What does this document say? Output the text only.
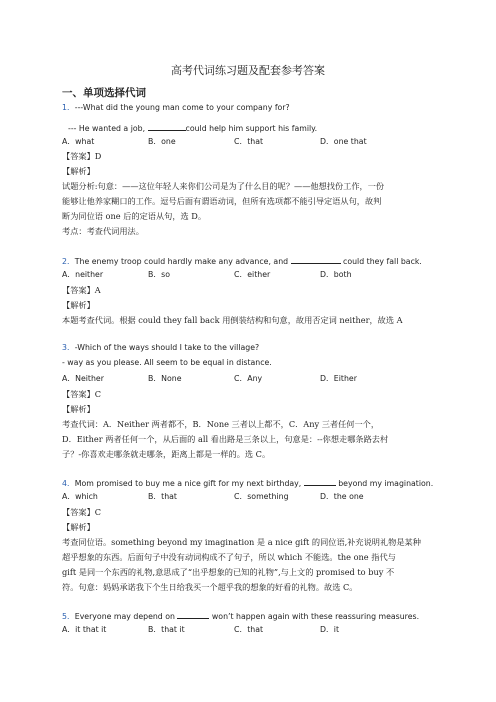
高考代词练习题及配套参考答案
一、单项选择代词
1．---What did the young man come to your company for?
--- He wanted a job,	could help him support his family.
A．what	B．one	C．that	D．one that
【答案】D
【解析】
试题分析:句意：——这位年轻人来你们公司是为了什么目的呢？——他想找份工作，一份
能够让他养家糊口的工作。逗号后面有谓语动词，但所有选项都不能引导定语从句，故判
断为同位语 one 后的定语从句，选 D。
考点：考查代词用法。
2．The enemy troop could hardly make any advance, and	could they fall back.
A．neither	B．so	C．either	D．both
【答案】A
【解析】
本题考查代词。根据 could they fall back 用倒装结构和句意，故用否定词 neither，故选 A
3．-Which of the ways should I take to the village?
- way as you please. All seem to be equal in distance.
A．Neither	B．None	C．Any	D．Either
【答案】C
【解析】
考查代词：A．Neither 两者都不，B．None 三者以上都不，C．Any 三者任何一个，
D．Either 两者任何一个，从后面的 all 看出路是三条以上，句意是：--你想走哪条路去村
子？-你喜欢走哪条就走哪条，距离上都是一样的。选 C。
4．Mom promised to buy me a nice gift for my next birthday,	beyond my imagination.
A．which	B．that	C．something	D．the one
【答案】C
【解析】
考查同位语。something beyond my imagination 是 a nice gift 的同位语,补充说明礼物是某种
超乎想象的东西。后面句子中没有动词构成不了句子，所以 which 不能选。the one 指代与
gift 是同一个东西的礼物,意思成了“出乎想象的已知的礼物”,与上文的 promised to buy 不
符。句意：妈妈承诺我下个生日给我买一个超乎我的想象的好看的礼物。故选 C。
5．Everyone may depend on	won’t happen again with these reassuring measures.
A．it that it	B．that it	C．that	D．it
